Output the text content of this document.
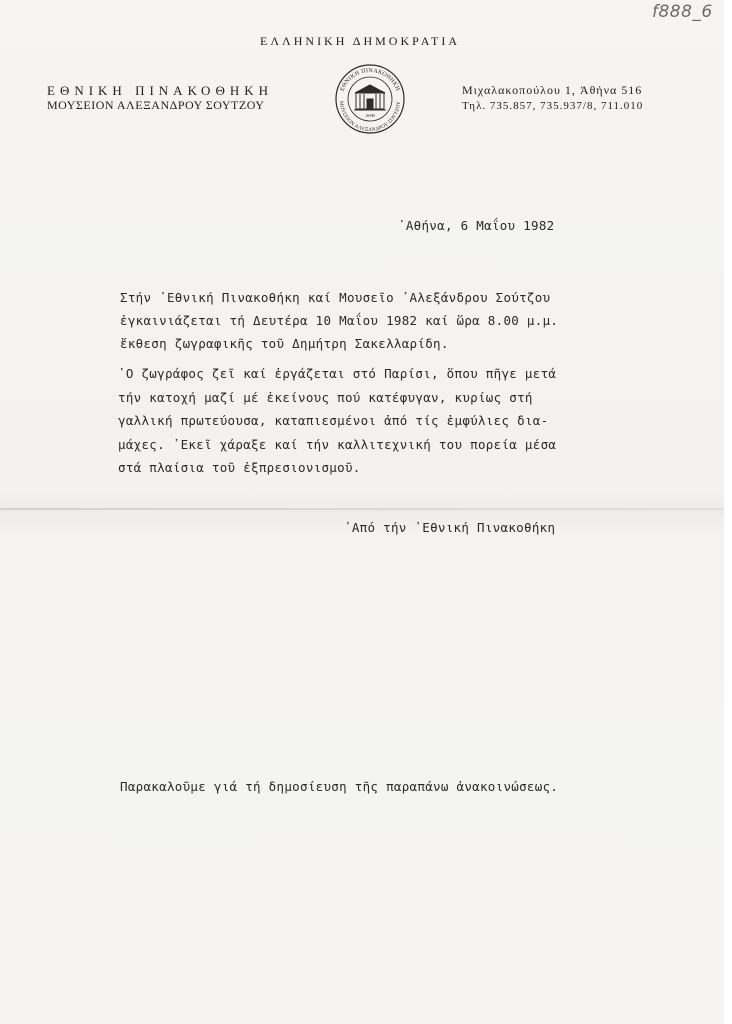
f888_6
ΕΛΛΗΝΙΚΗ ΔΗΜΟΚΡΑΤΙΑ
ΕΘΝΙΚΗ ΠΙΝΑΚΟΘΗΚΗ
ΜΟΥΣΕΙΟΝ ΑΛΕΞΑΝΔΡΟΥ ΣΟΥΤΖΟΥ
Μιχαλακοπούλου 1, Ἀθήνα 516
Τηλ. 735.857, 735.937/8, 711.010
ΕΘΝΙΚΗ ΠΙΝΑΚΟΘΗΚΗ
ΜΟΥΣΕΙΟΝ ΑΛΕΞΑΝΔΡΟΥ ΣΟΥΤΖΟΥ
ΑΘΗ
᾽Αθήνα, 6 Μαΐου 1982
Στήν ᾽Εθνική Πινακοθήκη καί Μουσεῖο ᾽Αλεξάνδρου Σούτζου
ἐγκαινιάζεται τή Δευτέρα 10 Μαΐου 1982 καί ὥρα 8.00 μ.μ.
ἔκθεση ζωγραφικῆς τοῦ Δημήτρη Σακελλαρίδη.
῾Ο ζωγράφος ζεῖ καί ἐργάζεται στό Παρίσι, ὅπου πῆγε μετά
τήν κατοχή μαζί μέ ἐκείνους πού κατέφυγαν, κυρίως στή
γαλλική πρωτεύουσα, καταπιεσμένοι ἀπό τίς ἐμφύλιες δια-
μάχες. ᾽Εκεῖ χάραξε καί τήν καλλιτεχνική του πορεία μέσα
στά πλαίσια τοῦ ἐξπρεσιονισμοῦ.
᾽Από τήν ᾽Εθνική Πινακοθήκη
Παρακαλοῦμε γιά τή δημοσίευση τῆς παραπάνω ἀνακοινώσεως.
